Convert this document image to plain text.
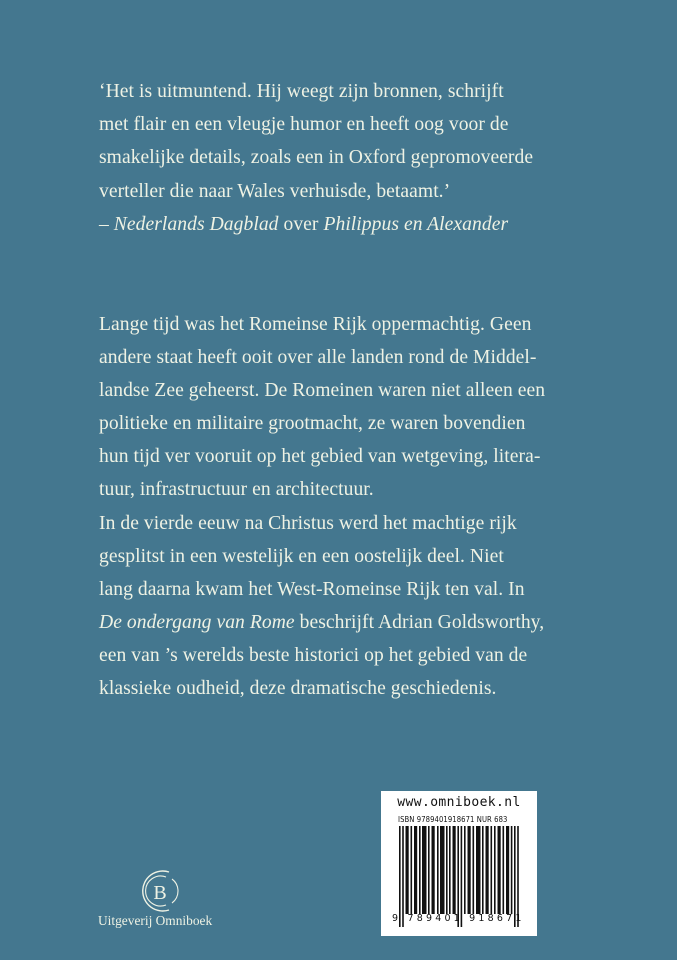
‘Het is uitmuntend. Hij weegt zijn bronnen, schrijft
met flair en een vleugje humor en heeft oog voor de
smakelijke details, zoals een in Oxford gepromoveerde
verteller die naar Wales verhuisde, betaamt.’
– Nederlands Dagblad over Philippus en Alexander
Lange tijd was het Romeinse Rijk oppermachtig. Geen
andere staat heeft ooit over alle landen rond de Middel-
landse Zee geheerst. De Romeinen waren niet alleen een
politieke en militaire grootmacht, ze waren bovendien
hun tijd ver vooruit op het gebied van wetgeving, litera-
tuur, infrastructuur en architectuur.
In de vierde eeuw na Christus werd het machtige rijk
gesplitst in een westelijk en een oostelijk deel. Niet
lang daarna kwam het West-Romeinse Rijk ten val. In
De ondergang van Rome beschrijft Adrian Goldsworthy,
een van ’s werelds beste historici op het gebied van de
klassieke oudheid, deze dramatische geschiedenis.
www.omniboek.nl
ISBN 9789401918671 NUR 683
9 789401 918671
B
Uitgeverij Omniboek
